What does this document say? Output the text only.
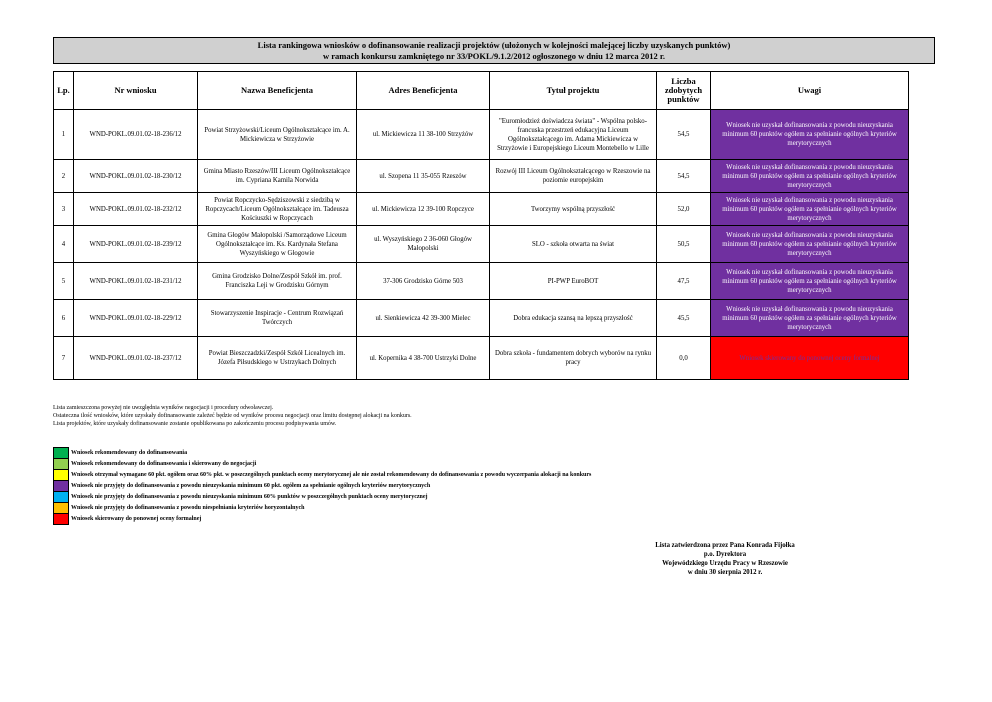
Lista rankingowa wniosków o dofinansowanie realizacji projektów (ułożonych w kolejności malejącej liczby uzyskanych punktów)
w ramach konkursu zamkniętego nr 33/POKL/9.1.2/2012 ogłoszonego w dniu 12 marca 2012 r.
Lp.	Nr wniosku	Nazwa Beneficjenta	Adres Beneficjenta	Tytuł projektu	Liczba zdobytych punktów	Uwagi
1	WND-POKL.09.01.02-18-236/12	Powiat Strzyżowski/Liceum Ogólnokształcące im. A. Mickiewicza w Strzyżowie	ul. Mickiewicza 11 38-100 Strzyżów	"Euromłodzież doświadcza świata" - Wspólna polsko-francuska przestrzeń edukacyjna Liceum Ogólnokształcącego im. Adama Mickiewicza w Strzyżowie i Europejskiego Liceum Montebello w Lille	54,5	Wniosek nie uzyskał dofinansowania z powodu nieuzyskania minimum 60 punktów ogółem za spełnianie ogólnych kryteriów merytorycznych
2	WND-POKL.09.01.02-18-230/12	Gmina Miasto Rzeszów/III Liceum Ogólnokształcące im. Cypriana Kamila Norwida	ul. Szopena 11 35-055 Rzeszów	Rozwój III Liceum Ogólnokształcącego w Rzeszowie na poziomie europejskim	54,5	Wniosek nie uzyskał dofinansowania z powodu nieuzyskania minimum 60 punktów ogółem za spełnianie ogólnych kryteriów merytorycznych
3	WND-POKL.09.01.02-18-232/12	Powiat Ropczycko-Sędziszowski z siedzibą w Ropczycach/Liceum Ogólnokształcące im. Tadeusza Kościuszki w Ropczycach	ul. Mickiewicza 12 39-100 Ropczyce	Tworzymy wspólną przyszłość	52,0	Wniosek nie uzyskał dofinansowania z powodu nieuzyskania minimum 60 punktów ogółem za spełnianie ogólnych kryteriów merytorycznych
4	WND-POKL.09.01.02-18-239/12	Gmina Głogów Małopolski /Samorządowe Liceum Ogólnokształcące im. Ks. Kardynała Stefana Wyszyńskiego w Głogowie	ul. Wyszyńskiego 2 36-060 Głogów Małopolski	SLO - szkoła otwarta na świat	50,5	Wniosek nie uzyskał dofinansowania z powodu nieuzyskania minimum 60 punktów ogółem za spełnianie ogólnych kryteriów merytorycznych
5	WND-POKL.09.01.02-18-231/12	Gmina Grodzisko Dolne/Zespół Szkół im. prof. Franciszka Leji w Grodzisku Górnym	37-306 Grodzisko Górne 503	PI-PWP EuroBOT	47,5	Wniosek nie uzyskał dofinansowania z powodu nieuzyskania minimum 60 punktów ogółem za spełnianie ogólnych kryteriów merytorycznych
6	WND-POKL.09.01.02-18-229/12	Stowarzyszenie Inspiracje - Centrum Rozwiązań Twórczych	ul. Sienkiewicza 42 39-300 Mielec	Dobra edukacja szansą na lepszą przyszłość	45,5	Wniosek nie uzyskał dofinansowania z powodu nieuzyskania minimum 60 punktów ogółem za spełnianie ogólnych kryteriów merytorycznych
7	WND-POKL.09.01.02-18-237/12	Powiat Bieszczadzki/Zespół Szkół Licealnych im. Józefa Piłsudskiego w Ustrzykach Dolnych	ul. Kopernika 4 38-700 Ustrzyki Dolne	Dobra szkoła - fundamentem dobrych wyborów na rynku pracy	0,0	Wniosek skierowany do ponownej oceny formalnej
Lista zamieszczona powyżej nie uwzględnia wyników negocjacji i procedury odwoławczej.
Ostateczna ilość wniosków, które uzyskały dofinansowanie zależeć będzie od wyników procesu negocjacji oraz limitu dostępnej alokacji na konkurs.
Lista projektów, które uzyskały dofinansowanie zostanie opublikowana po zakończeniu procesu podpisywania umów.
	Wniosek rekomendowany do dofinansowania
	Wniosek rekomendowany do dofinansowania i skierowany do negocjacji
	Wniosek otrzymał wymagane 60 pkt. ogółem oraz 60% pkt. w poszczególnych punktach oceny merytorycznej ale nie został rekomendowany do dofinansowania z powodu wyczerpania alokacji na konkurs
	Wniosek nie przyjęty do dofinansowania z powodu nieuzyskania minimum 60 pkt. ogółem za spełnianie ogólnych kryteriów merytorycznych
	Wniosek nie przyjęty do dofinansowania z powodu nieuzyskania minimum 60% punktów w poszczególnych punktach oceny merytorycznej
	Wniosek nie przyjęty do dofinansowania z powodu niespełniania kryteriów horyzontalnych
	Wniosek skierowany do ponownej oceny formalnej
Lista zatwierdzona przez Pana Konrada Fijołka
p.o. Dyrektora
Wojewódzkiego Urzędu Pracy w Rzeszowie
w dniu 30 sierpnia 2012 r.
